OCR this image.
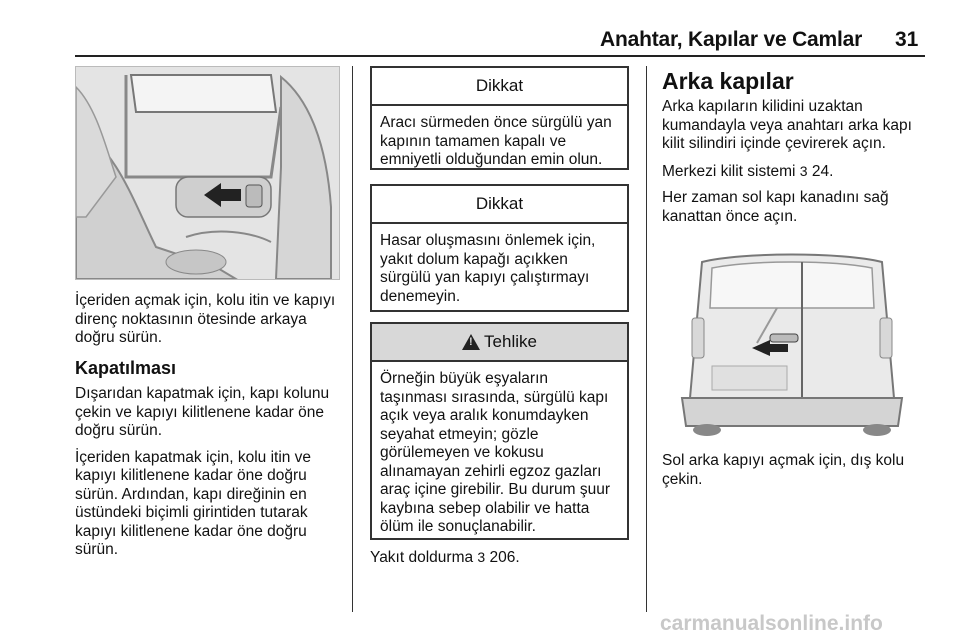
Anahtar, Kapılar ve Camlar 31
İçeriden açmak için, kolu itin ve kapıyı direnç noktasının ötesinde arkaya doğru sürün.
Kapatılması

Dışarıdan kapatmak için, kapı kolunu çekin ve kapıyı kilitlenene kadar öne doğru sürün.

İçeriden kapatmak için, kolu itin ve kapıyı kilitlenene kadar öne doğru sürün. Ardından, kapı direğinin en üstündeki biçimli girintiden tutarak kapıyı kilitlenene kadar öne doğru sürün.

Dikkat
Aracı sürmeden önce sürgülü yan kapının tamamen kapalı ve emniyetli olduğundan emin olun.
Dikkat
Hasar oluşmasını önlemek için, yakıt dolum kapağı açıkken sürgülü yan kapıyı çalıştırmayı denemeyin.
!
Tehlike
Örneğin büyük eşyaların taşınması sırasında, sürgülü kapı açık veya aralık konumdayken seyahat etmeyin; gözle görülemeyen ve kokusu alınamayan zehirli egzoz gazları araç içine girebilir. Bu durum şuur kaybına sebep olabilir ve hatta ölüm ile sonuçlanabilir.
Yakıt doldurma 3 206.
Arka kapılar

Arka kapıların kilidini uzaktan kumandayla veya anahtarı arka kapı kilit silindiri içinde çevirerek açın.

Merkezi kilit sistemi 3 24.

Her zaman sol kapı kanadını sağ kanattan önce açın.

Sol arka kapıyı açmak için, dış kolu çekin.
carmanualsonline.info
